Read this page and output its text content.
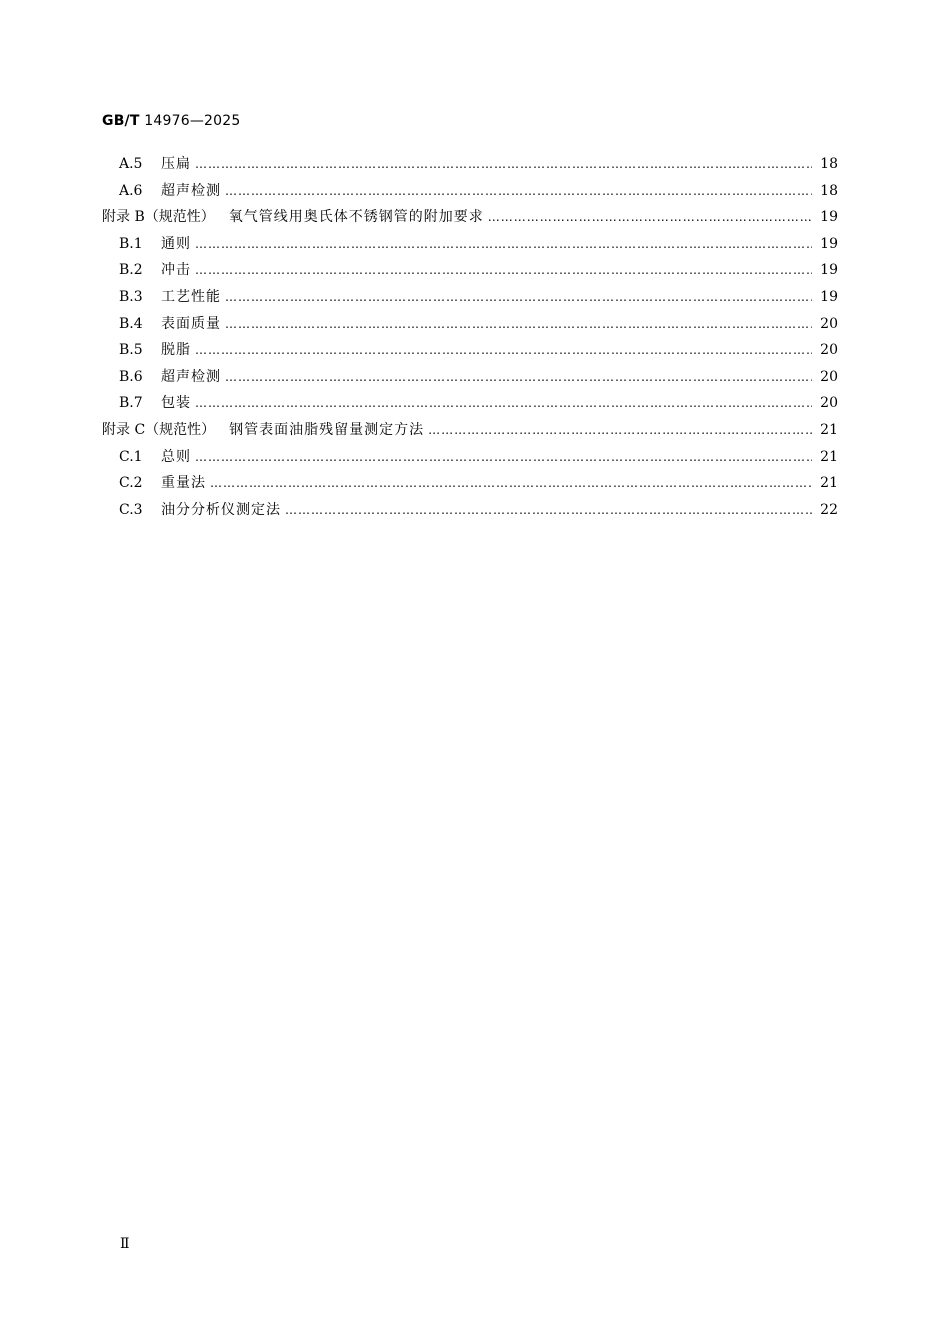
GB/T 14976—2025
A.5	压扁 ………………………………………………………………………………………………………………………………………………………………………………	18
A.6	超声检测 ………………………………………………………………………………………………………………………………………………………………………………	18
附录 B（规范性） 氧气管线用奥氏体不锈钢管的附加要求 ………………………………………………………………………………………………………………………………………………………………………………	19
B.1	通则 ………………………………………………………………………………………………………………………………………………………………………………	19
B.2	冲击 ………………………………………………………………………………………………………………………………………………………………………………	19
B.3	工艺性能 ………………………………………………………………………………………………………………………………………………………………………………	19
B.4	表面质量 ………………………………………………………………………………………………………………………………………………………………………………	20
B.5	脱脂 ………………………………………………………………………………………………………………………………………………………………………………	20
B.6	超声检测 ………………………………………………………………………………………………………………………………………………………………………………	20
B.7	包装 ………………………………………………………………………………………………………………………………………………………………………………	20
附录 C（规范性） 钢管表面油脂残留量测定方法 ………………………………………………………………………………………………………………………………………………………………………………	21
C.1	总则 ………………………………………………………………………………………………………………………………………………………………………………	21
C.2	重量法 ………………………………………………………………………………………………………………………………………………………………………………	21
C.3	油分分析仪测定法 ………………………………………………………………………………………………………………………………………………………………………………	22
Ⅱ
